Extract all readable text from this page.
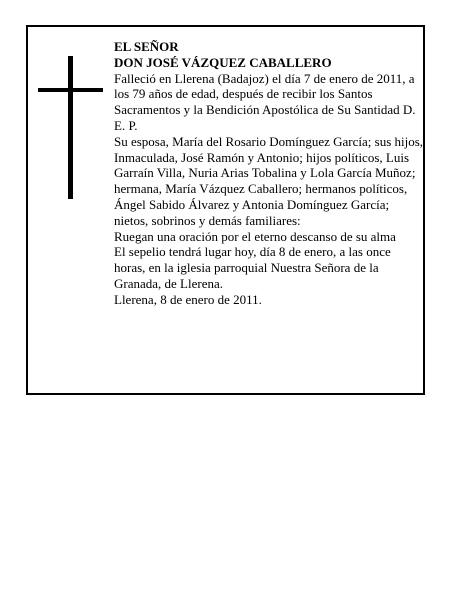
EL SEÑOR

DON JOSÉ VÁZQUEZ CABALLERO

Falleció en Llerena (Badajoz) el día 7 de enero de 2011, a los 79 años de edad, después de recibir los Santos Sacramentos y la Bendición Apostólica de Su Santidad D. E. P.

Su esposa, María del Rosario Domínguez García; sus hijos, Inmaculada, José Ramón y Antonio; hijos políticos, Luis Garraín Villa, Nuria Arias Tobalina y Lola García Muñoz; hermana, María Vázquez Caballero; hermanos políticos, Ángel Sabido Álvarez y Antonia Domínguez García; nietos, sobrinos y demás familiares:

Ruegan una oración por el eterno descanso de su alma

El sepelio tendrá lugar hoy, día 8 de enero, a las once horas, en la iglesia parroquial Nuestra Señora de la Granada, de Llerena.

Llerena, 8 de enero de 2011.
